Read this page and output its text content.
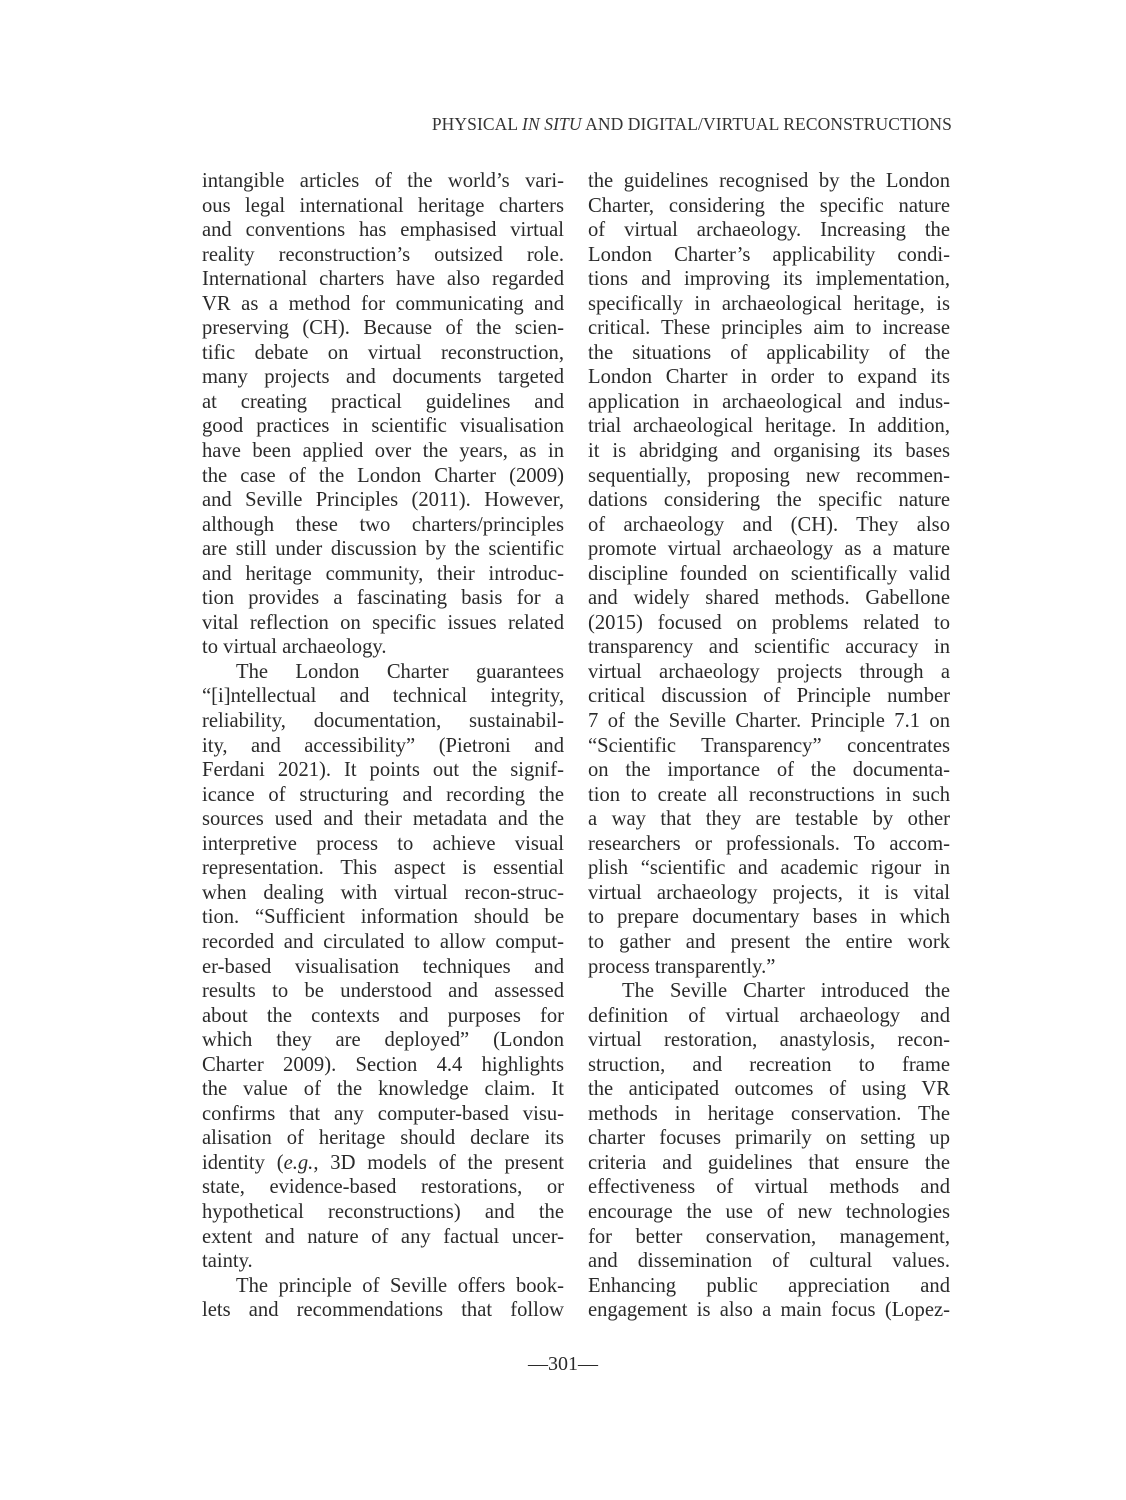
PHYSICAL IN SITU AND DIGITAL/VIRTUAL RECONSTRUCTIONS
intangible articles of the world’s vari-
ous legal international heritage charters
and conventions has emphasised virtual
reality reconstruction’s outsized role.
International charters have also regarded
VR as a method for communicating and
preserving (CH). Because of the scien-
tific debate on virtual reconstruction,
many projects and documents targeted
at creating practical guidelines and
good practices in scientific visualisation
have been applied over the years, as in
the case of the London Charter (2009)
and Seville Principles (2011). However,
although these two charters/principles
are still under discussion by the scientific
and heritage community, their introduc-
tion provides a fascinating basis for a
vital reflection on specific issues related
to virtual archaeology.
The London Charter guarantees
“[i]ntellectual and technical integrity,
reliability, documentation, sustainabil-
ity, and accessibility” (Pietroni and
Ferdani 2021). It points out the signif-
icance of structuring and recording the
sources used and their metadata and the
interpretive process to achieve visual
representation. This aspect is essential
when dealing with virtual recon-struc-
tion. “Sufficient information should be
recorded and circulated to allow comput-
er-based visualisation techniques and
results to be understood and assessed
about the contexts and purposes for
which they are deployed” (London
Charter 2009). Section 4.4 highlights
the value of the knowledge claim. It
confirms that any computer-based visu-
alisation of heritage should declare its
identity (e.g., 3D models of the present
state, evidence-based restorations, or
hypothetical reconstructions) and the
extent and nature of any factual uncer-
tainty.
The principle of Seville offers book-
lets and recommendations that follow
the guidelines recognised by the London
Charter, considering the specific nature
of virtual archaeology. Increasing the
London Charter’s applicability condi-
tions and improving its implementation,
specifically in archaeological heritage, is
critical. These principles aim to increase
the situations of applicability of the
London Charter in order to expand its
application in archaeological and indus-
trial archaeological heritage. In addition,
it is abridging and organising its bases
sequentially, proposing new recommen-
dations considering the specific nature
of archaeology and (CH). They also
promote virtual archaeology as a mature
discipline founded on scientifically valid
and widely shared methods. Gabellone
(2015) focused on problems related to
transparency and scientific accuracy in
virtual archaeology projects through a
critical discussion of Principle number
7 of the Seville Charter. Principle 7.1 on
“Scientific Transparency” concentrates
on the importance of the documenta-
tion to create all reconstructions in such
a way that they are testable by other
researchers or professionals. To accom-
plish “scientific and academic rigour in
virtual archaeology projects, it is vital
to prepare documentary bases in which
to gather and present the entire work
process transparently.”
The Seville Charter introduced the
definition of virtual archaeology and
virtual restoration, anastylosis, recon-
struction, and recreation to frame
the anticipated outcomes of using VR
methods in heritage conservation. The
charter focuses primarily on setting up
criteria and guidelines that ensure the
effectiveness of virtual methods and
encourage the use of new technologies
for better conservation, management,
and dissemination of cultural values.
Enhancing public appreciation and
engagement is also a main focus (Lopez-
—301—
